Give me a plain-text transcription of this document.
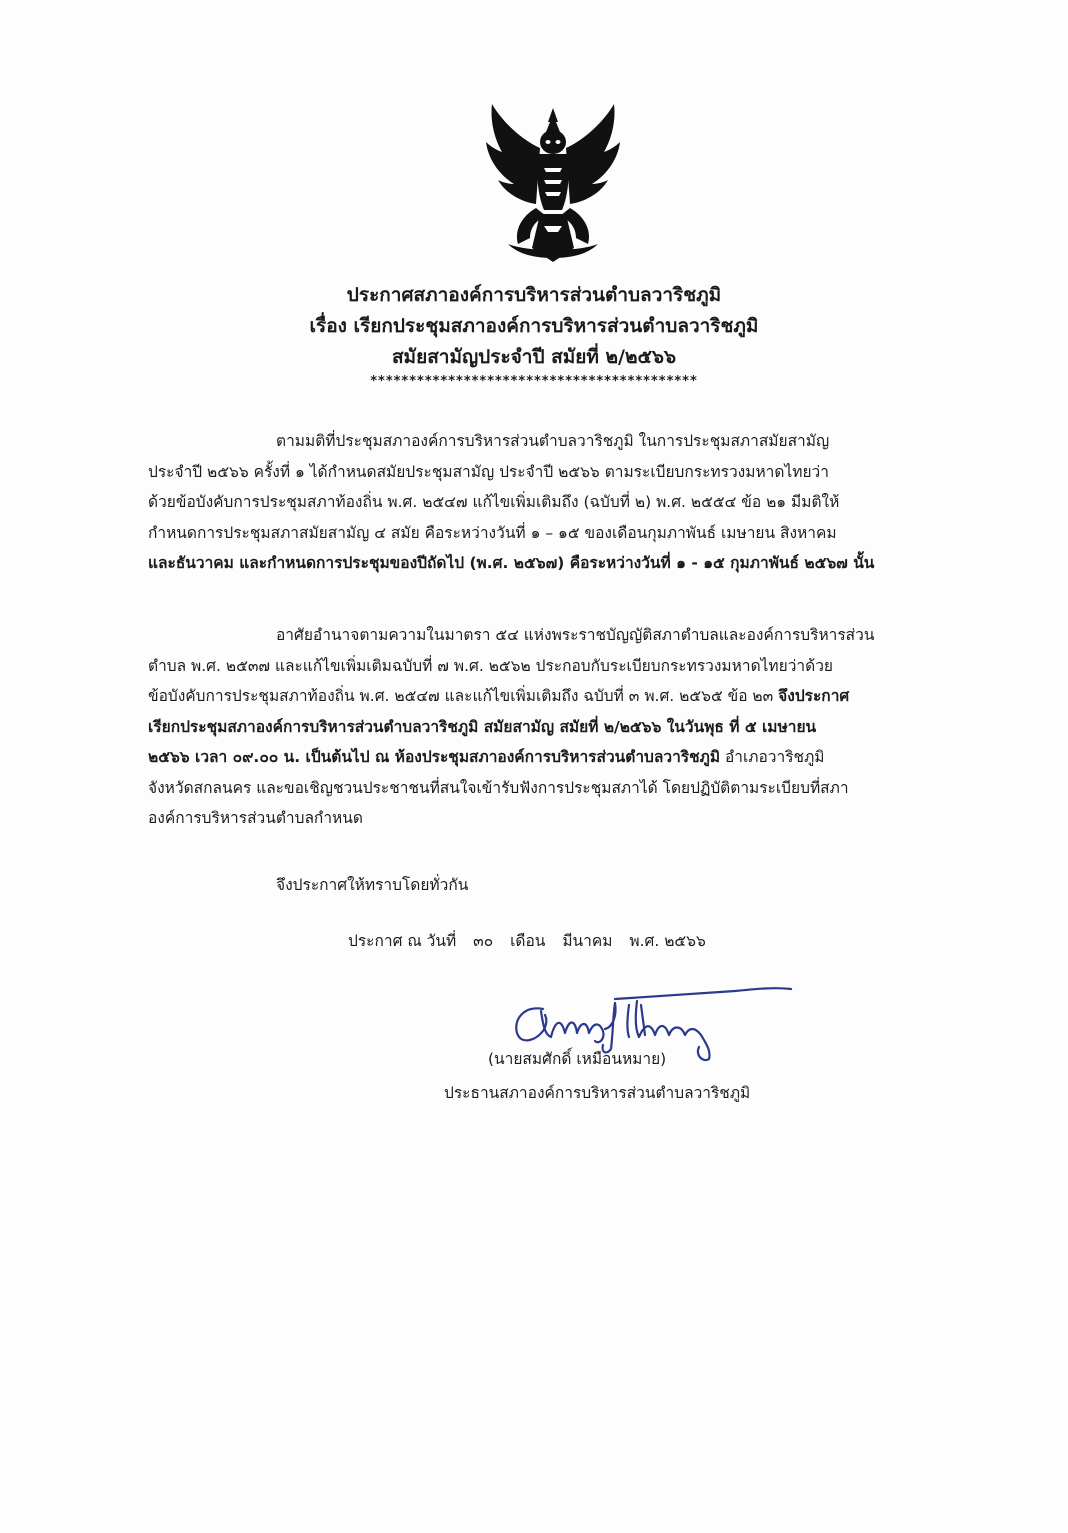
ประกาศสภาองค์การบริหารส่วนตำบลวาริชภูมิ
เรื่อง เรียกประชุมสภาองค์การบริหารส่วนตำบลวาริชภูมิ
สมัยสามัญประจำปี สมัยที่ ๒/๒๕๖๖
******************************************
ตามมติที่ประชุมสภาองค์การบริหารส่วนตำบลวาริชภูมิ ในการประชุมสภาสมัยสามัญ
ประจำปี ๒๕๖๖ ครั้งที่ ๑ ได้กำหนดสมัยประชุมสามัญ ประจำปี ๒๕๖๖ ตามระเบียบกระทรวงมหาดไทยว่า
ด้วยข้อบังคับการประชุมสภาท้องถิ่น พ.ศ. ๒๕๔๗ แก้ไขเพิ่มเติมถึง (ฉบับที่ ๒) พ.ศ. ๒๕๕๔ ข้อ ๒๑ มีมติให้
กำหนดการประชุมสภาสมัยสามัญ ๔ สมัย คือระหว่างวันที่ ๑ – ๑๕ ของเดือนกุมภาพันธ์ เมษายน สิงหาคม
และธันวาคม และกำหนดการประชุมของปีถัดไป (พ.ศ. ๒๕๖๗) คือระหว่างวันที่ ๑ - ๑๕ กุมภาพันธ์ ๒๕๖๗ นั้น
อาศัยอำนาจตามความในมาตรา ๕๔ แห่งพระราชบัญญัติสภาตำบลและองค์การบริหารส่วน
ตำบล พ.ศ. ๒๕๓๗ และแก้ไขเพิ่มเติมฉบับที่ ๗ พ.ศ. ๒๕๖๒ ประกอบกับระเบียบกระทรวงมหาดไทยว่าด้วย
ข้อบังคับการประชุมสภาท้องถิ่น พ.ศ. ๒๕๔๗ และแก้ไขเพิ่มเติมถึง ฉบับที่ ๓ พ.ศ. ๒๕๖๕ ข้อ ๒๓ จึงประกาศ
เรียกประชุมสภาองค์การบริหารส่วนตำบลวาริชภูมิ สมัยสามัญ สมัยที่ ๒/๒๕๖๖ ในวันพุธ ที่ ๕ เมษายน
๒๕๖๖ เวลา ๐๙.๐๐ น. เป็นต้นไป ณ ห้องประชุมสภาองค์การบริหารส่วนตำบลวาริชภูมิ อำเภอวาริชภูมิ
จังหวัดสกลนคร และขอเชิญชวนประชาชนที่สนใจเข้ารับฟังการประชุมสภาได้ โดยปฏิบัติตามระเบียบที่สภา
องค์การบริหารส่วนตำบลกำหนด
จึงประกาศให้ทราบโดยทั่วกัน
ประกาศ ณ วันที่ ๓๐ เดือน มีนาคม พ.ศ. ๒๕๖๖
(นายสมศักดิ์ เหมือนหมาย)
ประธานสภาองค์การบริหารส่วนตำบลวาริชภูมิ
